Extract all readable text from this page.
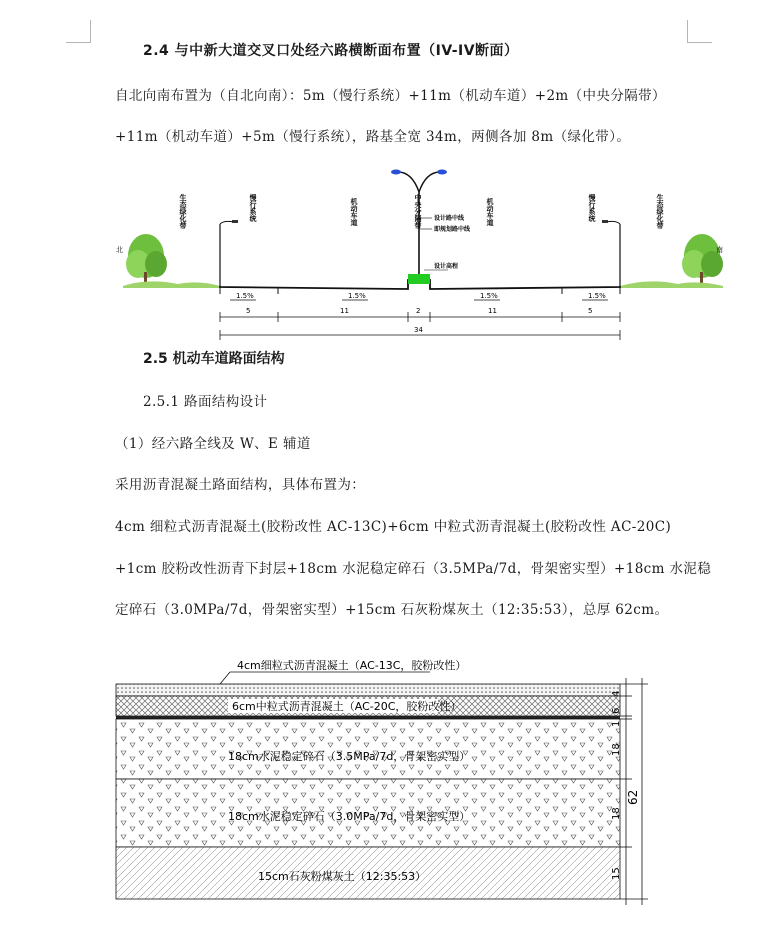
2.4 与中新大道交叉口处经六路横断面布置（IV-IV断面）
自北向南布置为（自北向南）：5m（慢行系统）+11m（机动车道）+2m（中央分隔带）
+11m（机动车道）+5m（慢行系统），路基全宽 34m，两侧各加 8m（绿化带）。
北	南
生态绿化带	慢行系统	机动车道	中央分隔带	机动车道	慢行系统	生态绿化带
设计路中线
即规划路中线
设计高程
1.5%	1.5%	1.5%	1.5%
5	11	2	11	5
34
2.5 机动车道路面结构
2.5.1 路面结构设计
（1）经六路全线及 W、E 辅道
采用沥青混凝土路面结构，具体布置为：
4cm 细粒式沥青混凝土(胶粉改性 AC-13C)+6cm 中粒式沥青混凝土(胶粉改性 AC-20C)
+1cm 胶粉改性沥青下封层+18cm 水泥稳定碎石（3.5MPa/7d，骨架密实型）+18cm 水泥稳
定碎石（3.0MPa/7d，骨架密实型）+15cm 石灰粉煤灰土（12:35:53），总厚 62cm。
4cm细粒式沥青混凝土（AC-13C，胶粉改性）
6cm中粒式沥青混凝土（AC-20C，胶粉改性）
18cm水泥稳定碎石（3.5MPa/7d，骨架密实型）
18cm水泥稳定碎石（3.0MPa/7d，骨架密实型）
15cm石灰粉煤灰土（12:35:53）
4
6
1
18
18
15
62
